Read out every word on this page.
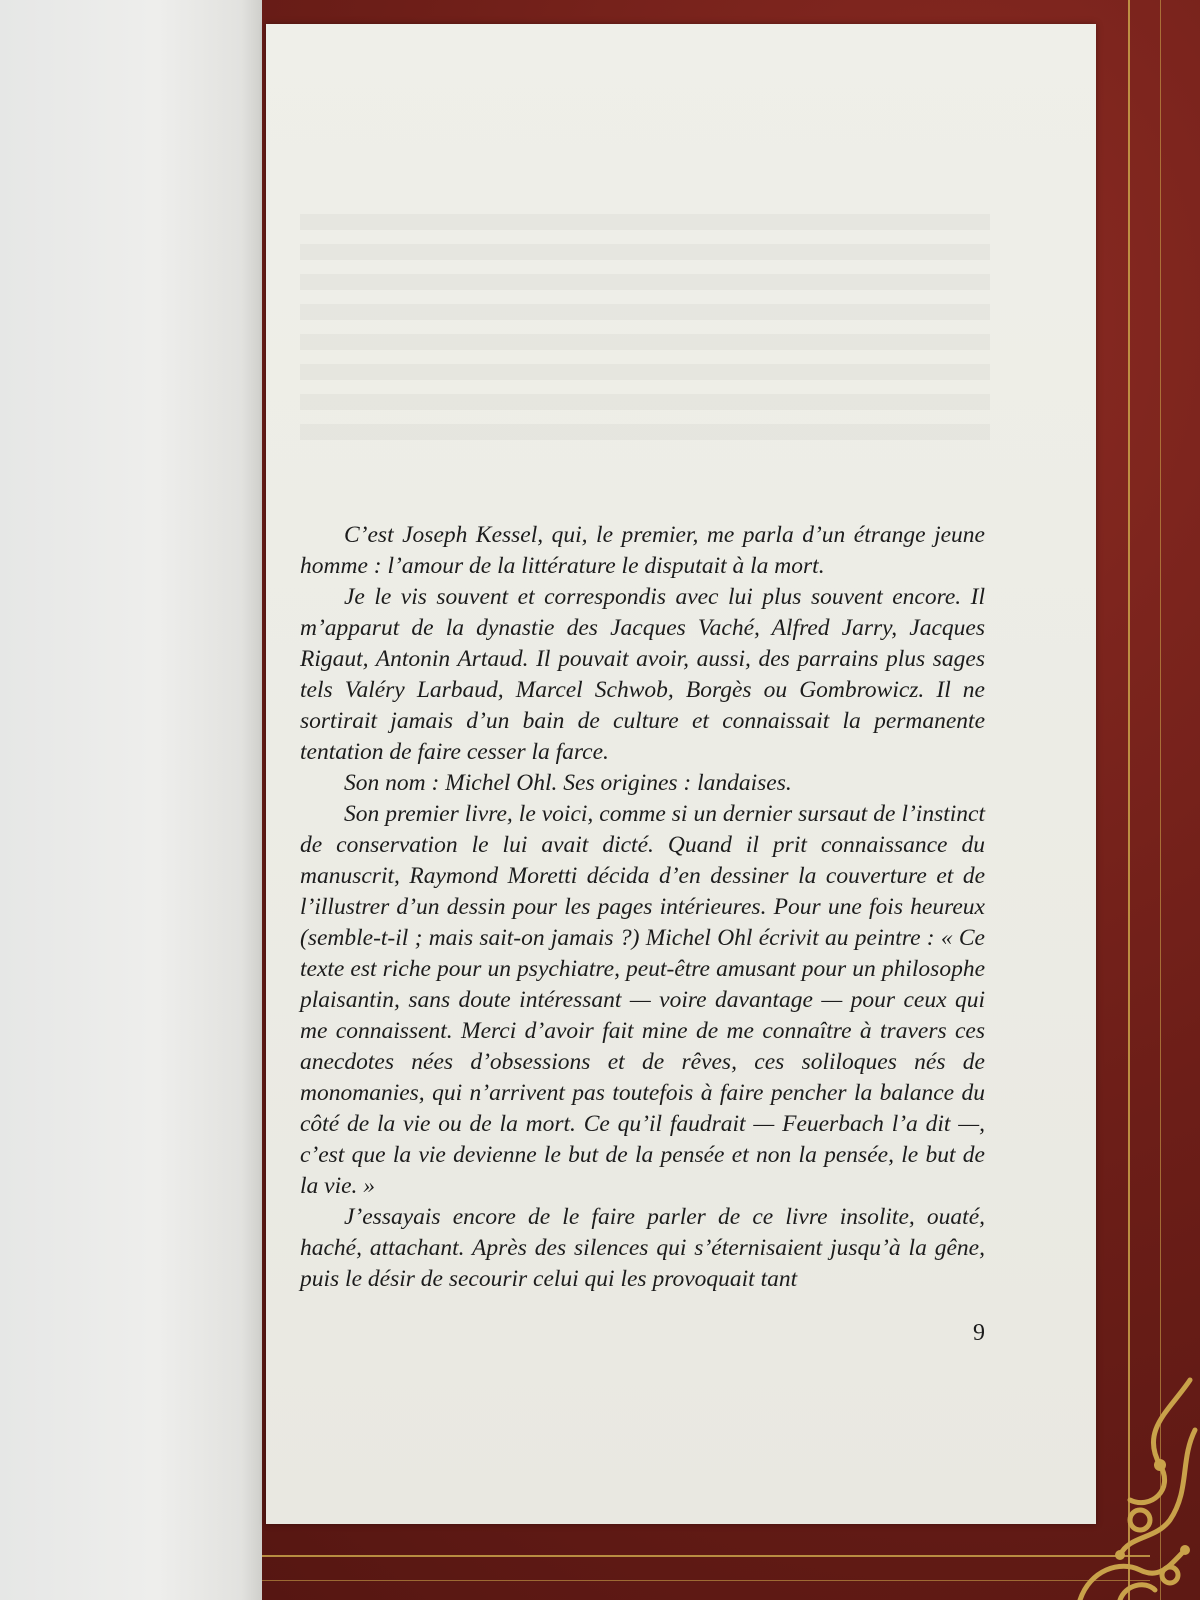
C’est Joseph Kessel, qui, le premier, me parla d’un étrange jeune homme : l’amour de la littérature le disputait à la mort.

Je le vis souvent et correspondis avec lui plus souvent encore. Il m’apparut de la dynastie des Jacques Vaché, Alfred Jarry, Jacques Rigaut, Antonin Artaud. Il pouvait avoir, aussi, des parrains plus sages tels Valéry Larbaud, Marcel Schwob, Borgès ou Gombrowicz. Il ne sortirait jamais d’un bain de culture et connaissait la permanente tentation de faire cesser la farce.

Son nom : Michel Ohl. Ses origines : landaises.

Son premier livre, le voici, comme si un dernier sursaut de l’instinct de conservation le lui avait dicté. Quand il prit connaissance du manuscrit, Raymond Moretti décida d’en dessiner la couverture et de l’illustrer d’un dessin pour les pages intérieures. Pour une fois heureux (semble-t-il ; mais sait-on jamais ?) Michel Ohl écrivit au peintre : « Ce texte est riche pour un psychiatre, peut-être amusant pour un philosophe plaisantin, sans doute intéressant — voire davantage — pour ceux qui me connaissent. Merci d’avoir fait mine de me connaître à travers ces anecdotes nées d’obsessions et de rêves, ces soliloques nés de monomanies, qui n’arrivent pas toutefois à faire pencher la balance du côté de la vie ou de la mort. Ce qu’il faudrait — Feuerbach l’a dit —, c’est que la vie devienne le but de la pensée et non la pensée, le but de la vie. »

J’essayais encore de le faire parler de ce livre insolite, ouaté, haché, attachant. Après des silences qui s’éternisaient jusqu’à la gêne, puis le désir de secourir celui qui les provoquait tant

9
